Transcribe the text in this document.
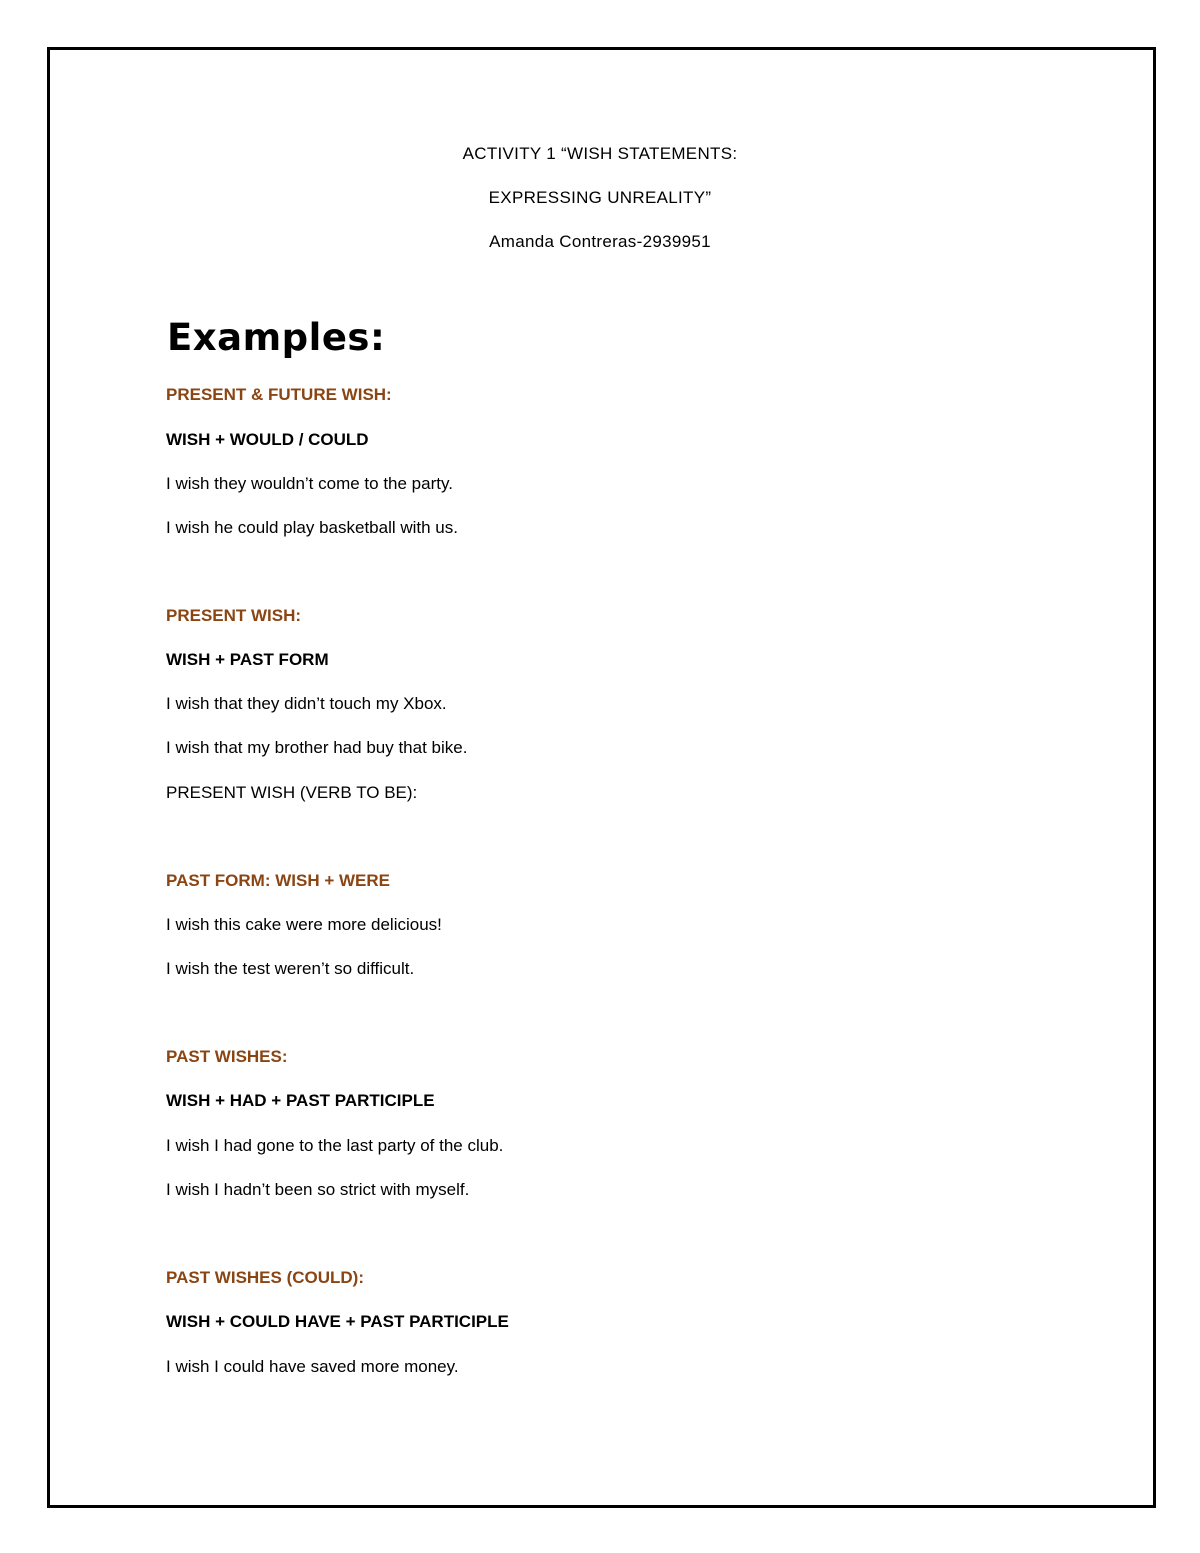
ACTIVITY 1 “WISH STATEMENTS:
EXPRESSING UNREALITY”
Amanda Contreras-2939951
Examples:
PRESENT & FUTURE WISH:
WISH + WOULD / COULD
I wish they wouldn’t come to the party.
I wish he could play basketball with us.
PRESENT WISH:
WISH + PAST FORM
I wish that they didn’t touch my Xbox.
I wish that my brother had buy that bike.
PRESENT WISH (VERB TO BE):
PAST FORM: WISH + WERE
I wish this cake were more delicious!
I wish the test weren’t so difficult.
PAST WISHES:
WISH + HAD + PAST PARTICIPLE
I wish I had gone to the last party of the club.
I wish I hadn’t been so strict with myself.
PAST WISHES (COULD):
WISH + COULD HAVE + PAST PARTICIPLE
I wish I could have saved more money.
